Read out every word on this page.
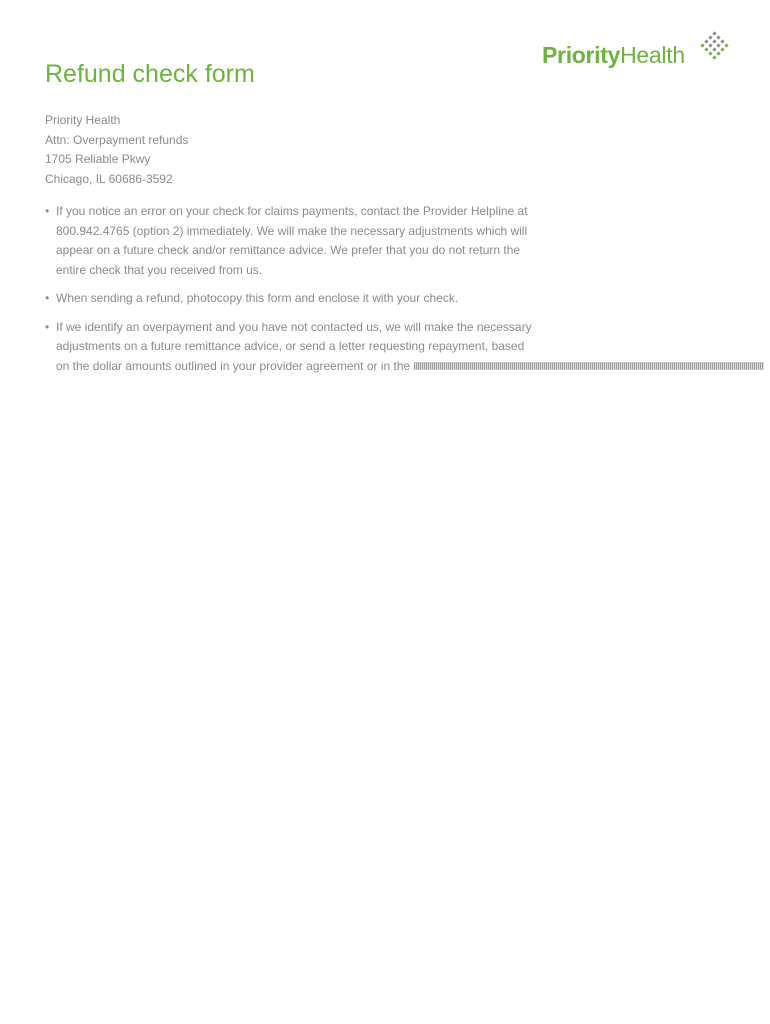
PriorityHealth
Refund check form
Priority Health
Attn: Overpayment refunds
1705 Reliable Pkwy
Chicago, IL 60686-3592
• If you notice an error on your check for claims payments, contact the Provider Helpline at
800.942.4765 (option 2) immediately. We will make the necessary adjustments which will
appear on a future check and/or remittance advice. We prefer that you do not return the
entire check that you received from us.
• When sending a refund, photocopy this form and enclose it with your check.
• If we identify an overpayment and you have not contacted us, we will make the necessary
adjustments on a future remittance advice, or send a letter requesting repayment, based
on the dollar amounts outlined in your provider agreement or in the
